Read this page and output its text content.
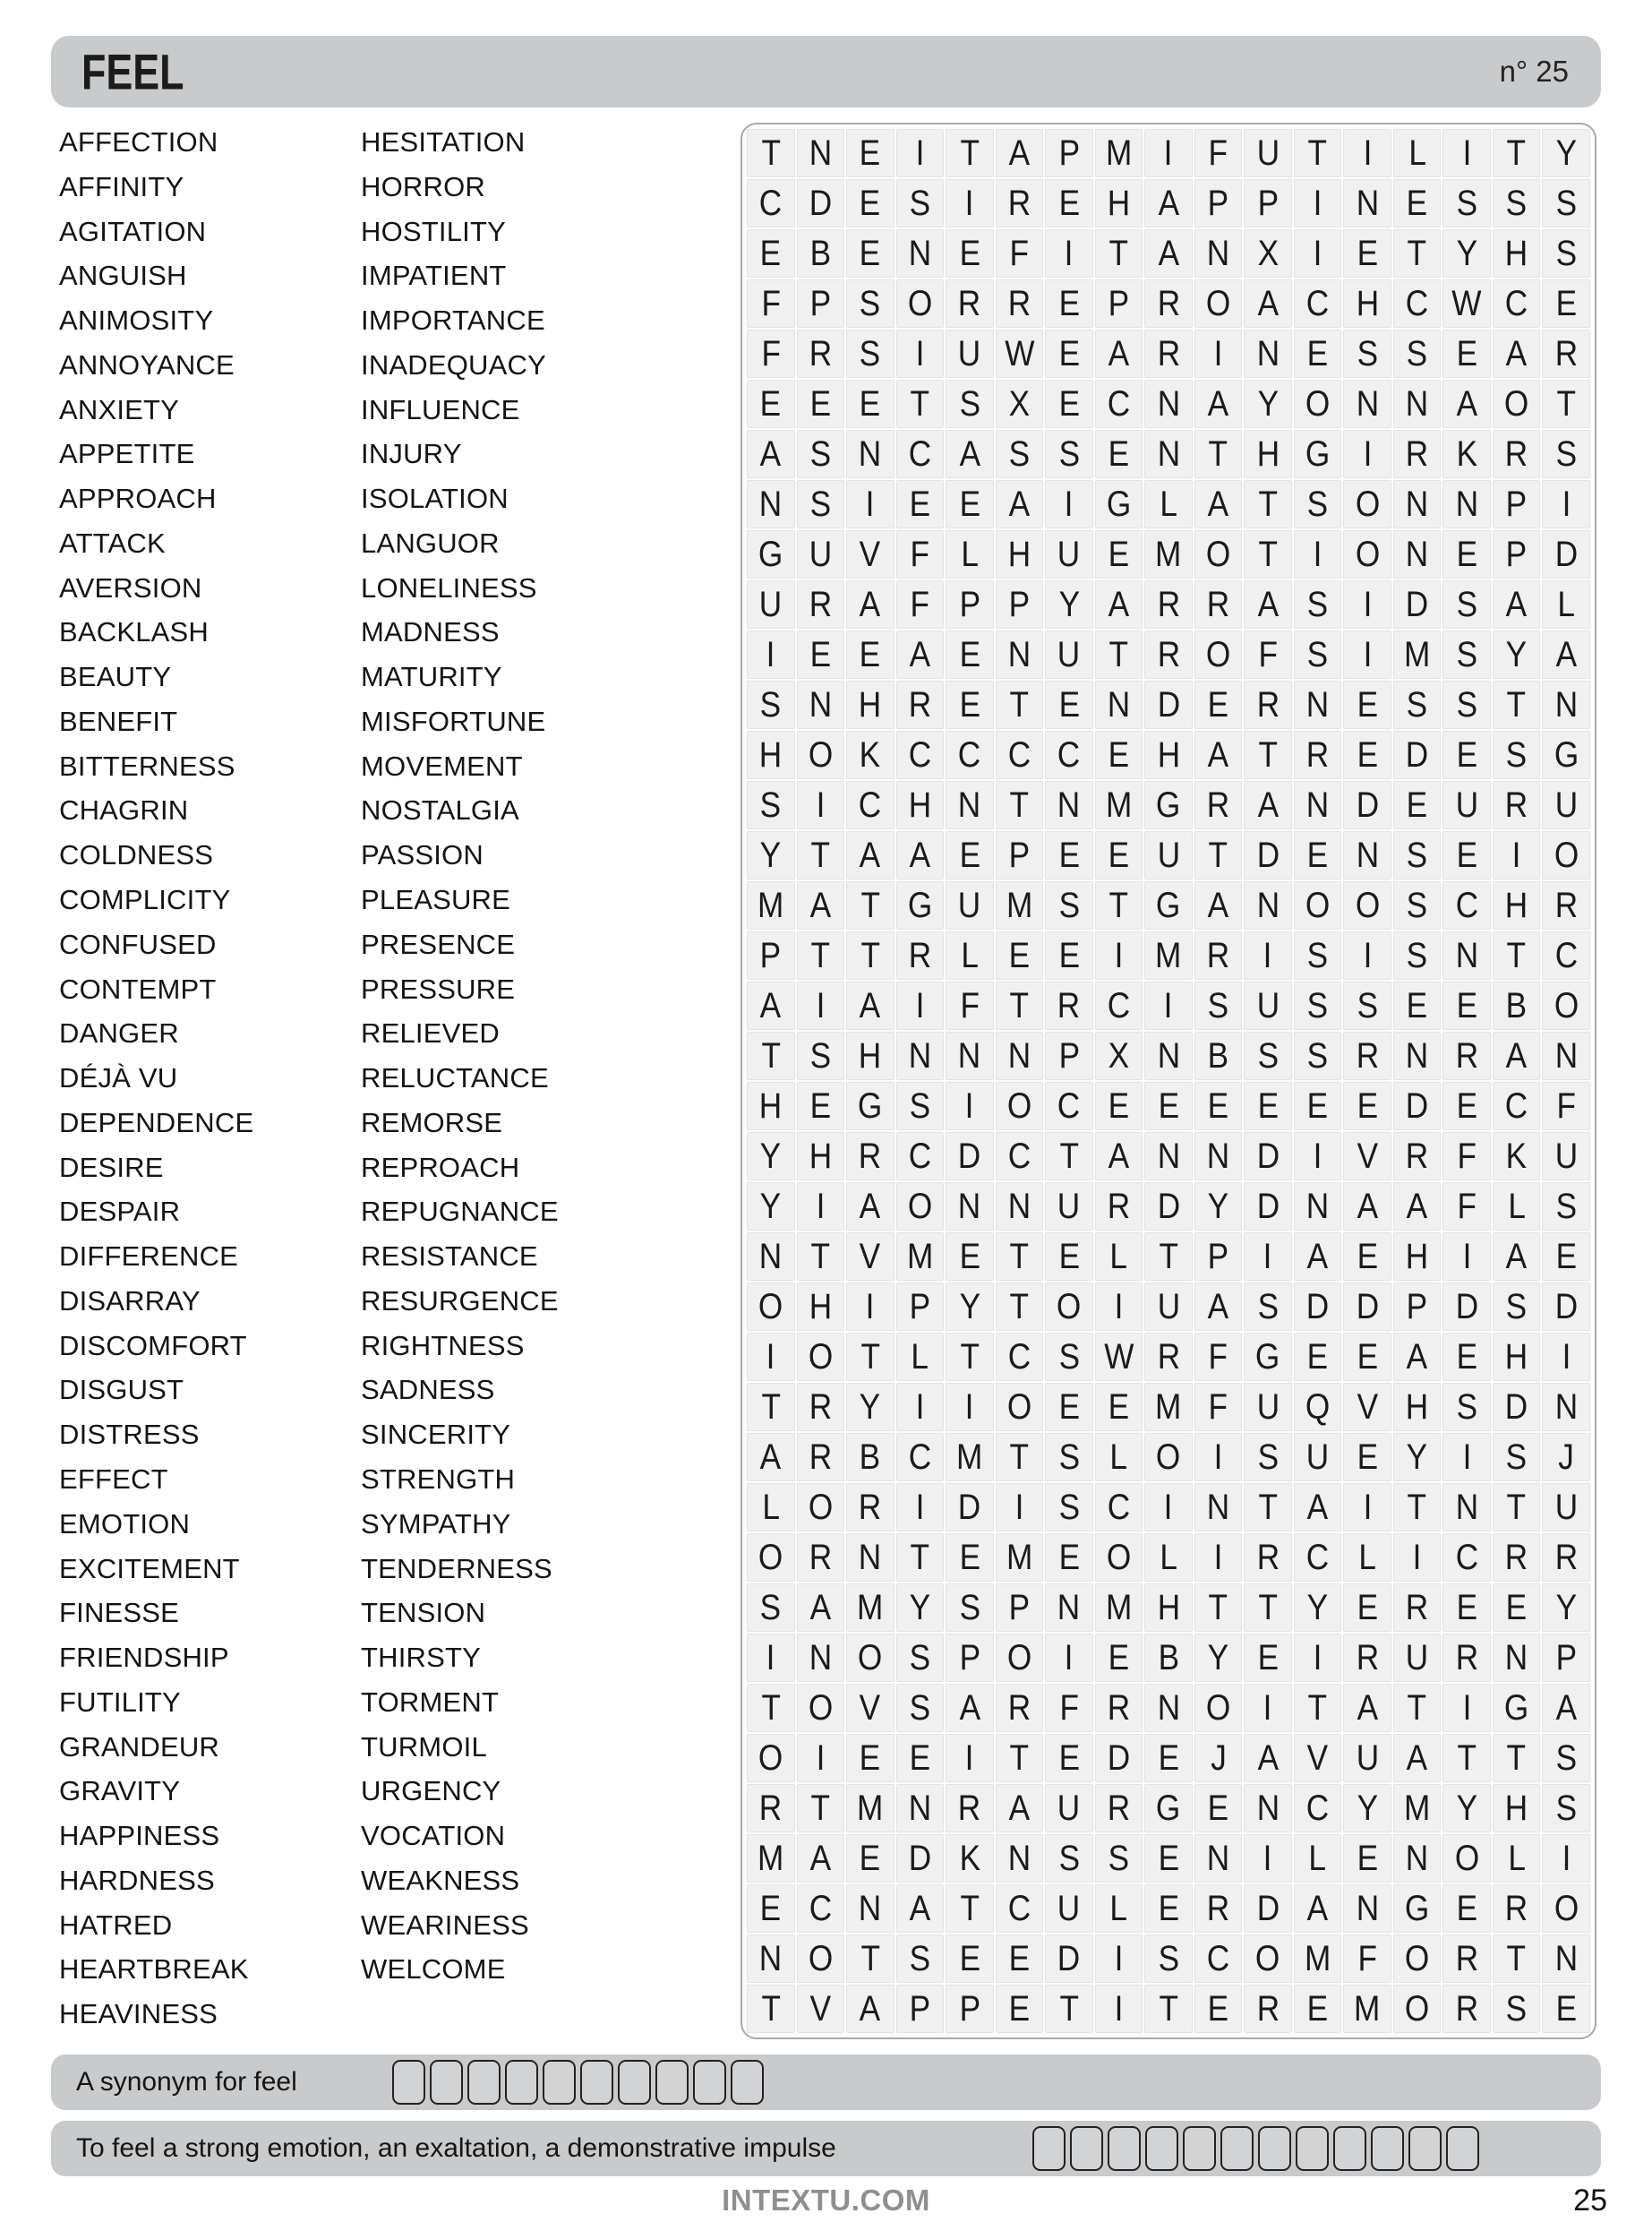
FEEL	n° 25
AFFECTION
AFFINITY
AGITATION
ANGUISH
ANIMOSITY
ANNOYANCE
ANXIETY
APPETITE
APPROACH
ATTACK
AVERSION
BACKLASH
BEAUTY
BENEFIT
BITTERNESS
CHAGRIN
COLDNESS
COMPLICITY
CONFUSED
CONTEMPT
DANGER
DÉJÀ VU
DEPENDENCE
DESIRE
DESPAIR
DIFFERENCE
DISARRAY
DISCOMFORT
DISGUST
DISTRESS
EFFECT
EMOTION
EXCITEMENT
FINESSE
FRIENDSHIP
FUTILITY
GRANDEUR
GRAVITY
HAPPINESS
HARDNESS
HATRED
HEARTBREAK
HEAVINESS
HESITATION
HORROR
HOSTILITY
IMPATIENT
IMPORTANCE
INADEQUACY
INFLUENCE
INJURY
ISOLATION
LANGUOR
LONELINESS
MADNESS
MATURITY
MISFORTUNE
MOVEMENT
NOSTALGIA
PASSION
PLEASURE
PRESENCE
PRESSURE
RELIEVED
RELUCTANCE
REMORSE
REPROACH
REPUGNANCE
RESISTANCE
RESURGENCE
RIGHTNESS
SADNESS
SINCERITY
STRENGTH
SYMPATHY
TENDERNESS
TENSION
THIRSTY
TORMENT
TURMOIL
URGENCY
VOCATION
WEAKNESS
WEARINESS
WELCOME
T N E I T A P M I F U T I L I T Y
C D E S I R E H A P P I N E S S S
E B E N E F I T A N X I E T Y H S
F P S O R R E P R O A C H C W C E
F R S I U W E A R I N E S S E A R
E E E T S X E C N A Y O N N A O T
A S N C A S S E N T H G I R K R S
N S I E E A I G L A T S O N N P I
G U V F L H U E M O T I O N E P D
U R A F P P Y A R R A S I D S A L
I E E A E N U T R O F S I M S Y A
S N H R E T E N D E R N E S S T N
H O K C C C C E H A T R E D E S G
S I C H N T N M G R A N D E U R U
Y T A A E P E E U T D E N S E I O
M A T G U M S T G A N O O S C H R
P T T R L E E I M R I S I S N T C
A I A I F T R C I S U S S E E B O
T S H N N N P X N B S S R N R A N
H E G S I O C E E E E E E D E C F
Y H R C D C T A N N D I V R F K U
Y I A O N N U R D Y D N A A F L S
N T V M E T E L T P I A E H I A E
O H I P Y T O I U A S D D P D S D
I O T L T C S W R F G E E A E H I
T R Y I I O E E M F U Q V H S D N
A R B C M T S L O I S U E Y I S J
L O R I D I S C I N T A I T N T U
O R N T E M E O L I R C L I C R R
S A M Y S P N M H T T Y E R E E Y
I N O S P O I E B Y E I R U R N P
T O V S A R F R N O I T A T I G A
O I E E I T E D E J A V U A T T S
R T M N R A U R G E N C Y M Y H S
M A E D K N S S E N I L E N O L I
E C N A T C U L E R D A N G E R O
N O T S E E D I S C O M F O R T N
T V A P P E T I T E R E M O R S E
A synonym for feel
To feel a strong emotion, an exaltation, a demonstrative impulse
INTEXTU.COM	25
